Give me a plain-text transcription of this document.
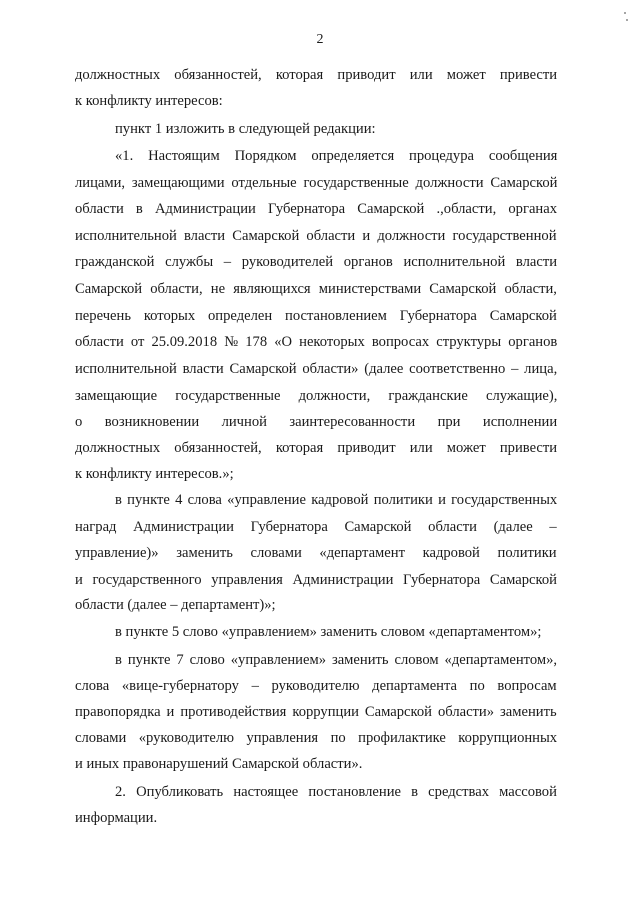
2
должностных обязанностей, которая приводит или может привести
к конфликту интересов:
пункт 1 изложить в следующей редакции:
«1. Настоящим Порядком определяется процедура сообщения
лицами, замещающими отдельные государственные должности Самарской
области в Администрации Губернатора Самарской .,области, органах
исполнительной власти Самарской области и должности государственной
гражданской службы – руководителей органов исполнительной власти
Самарской области, не являющихся министерствами Самарской области,
перечень которых определен постановлением Губернатора Самарской
области от 25.09.2018 № 178 «О некоторых вопросах структуры органов
исполнительной власти Самарской области» (далее соответственно – лица,
замещающие государственные должности, гражданские служащие),
о возникновении личной заинтересованности при исполнении
должностных обязанностей, которая приводит или может привести
к конфликту интересов.»;
в пункте 4 слова «управление кадровой политики и государственных
наград Администрации Губернатора Самарской области (далее –
управление)» заменить словами «департамент кадровой политики
и государственного управления Администрации Губернатора Самарской
области (далее – департамент)»;
в пункте 5 слово «управлением» заменить словом «департаментом»;
в пункте 7 слово «управлением» заменить словом «департаментом»,
слова «вице-губернатору – руководителю департамента по вопросам
правопорядка и противодействия коррупции Самарской области» заменить
словами «руководителю управления по профилактике коррупционных
и иных правонарушений Самарской области».
2. Опубликовать настоящее постановление в средствах массовой
информации.
